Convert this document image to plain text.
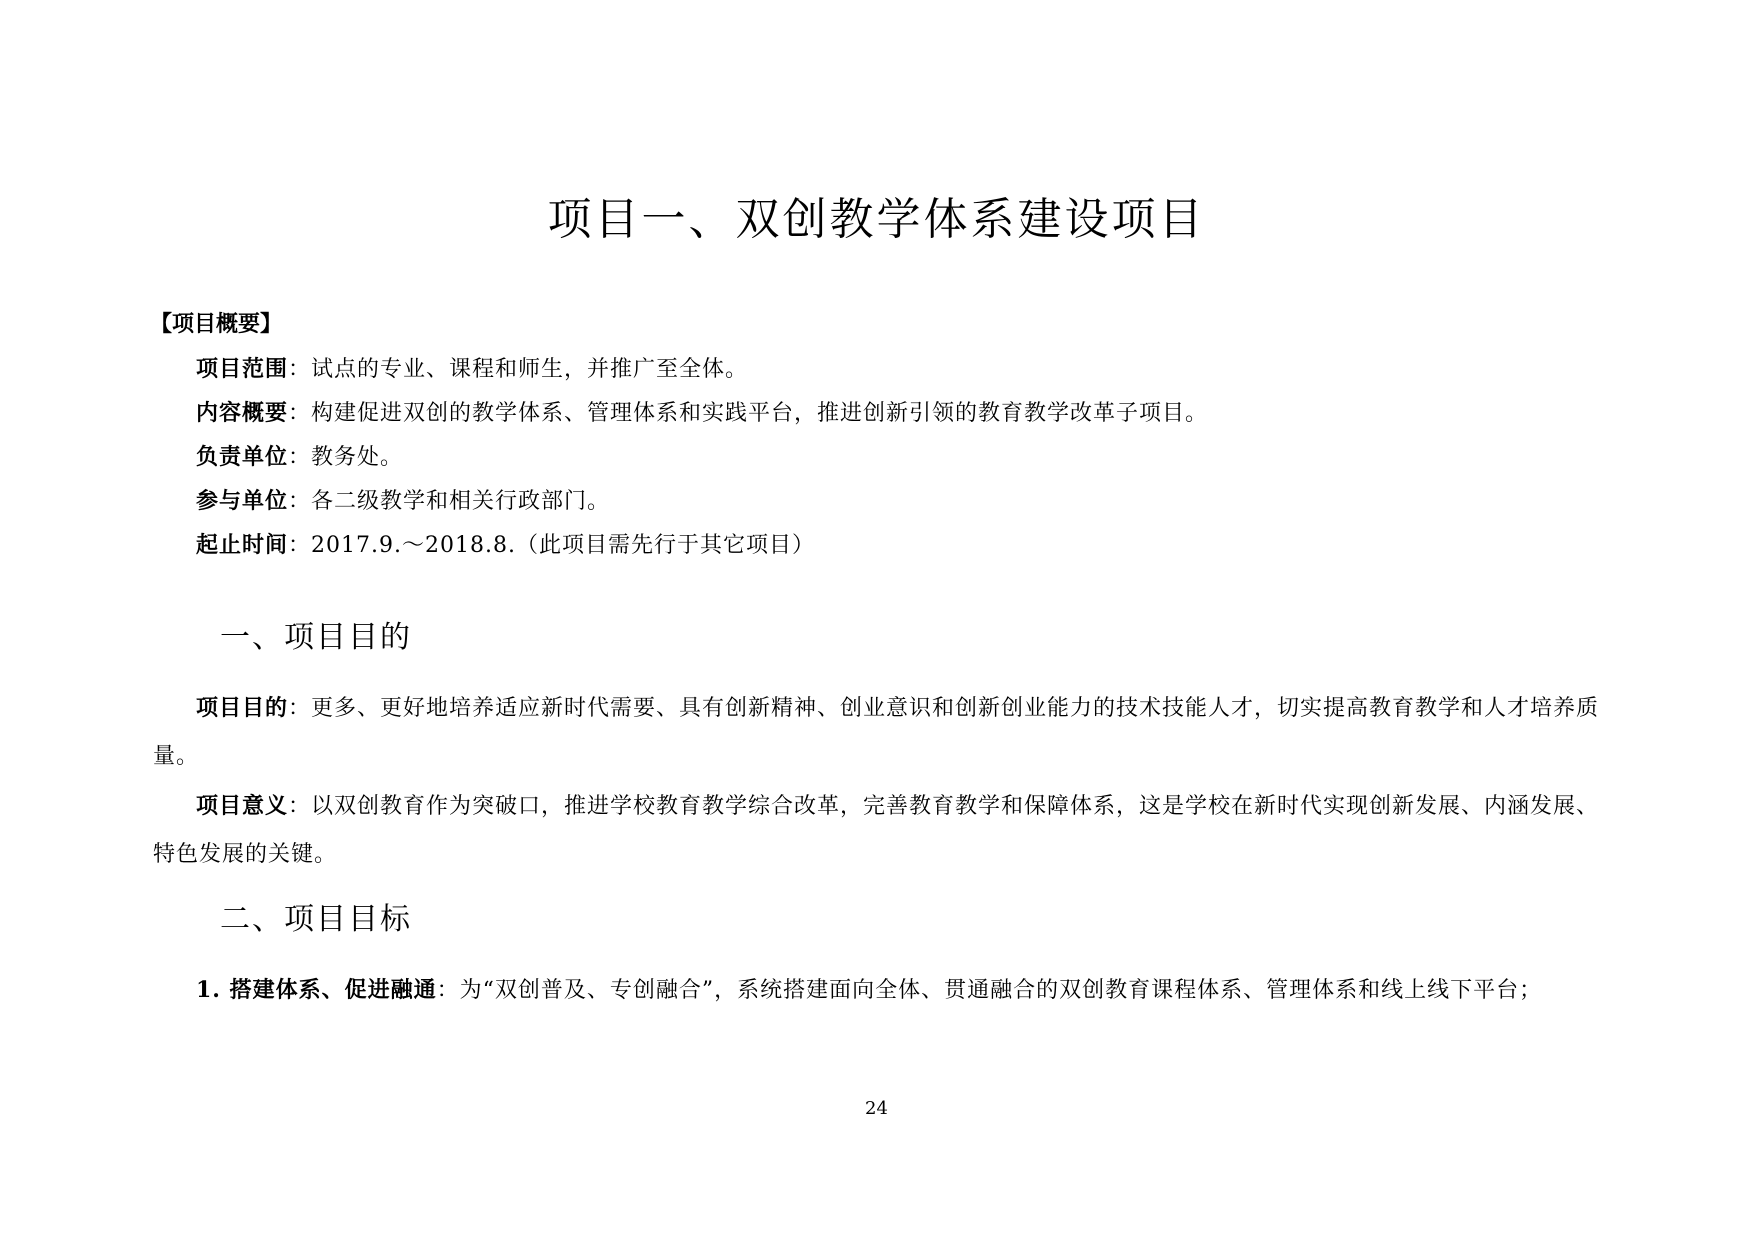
项目一、双创教学体系建设项目
【项目概要】
项目范围：试点的专业、课程和师生，并推广至全体。
内容概要：构建促进双创的教学体系、管理体系和实践平台，推进创新引领的教育教学改革子项目。
负责单位：教务处。
参与单位：各二级教学和相关行政部门。
起止时间：2017.9.～2018.8.（此项目需先行于其它项目）
一、项目目的
项目目的：更多、更好地培养适应新时代需要、具有创新精神、创业意识和创新创业能力的技术技能人才，切实提高教育教学和人才培养质量。
项目意义：以双创教育作为突破口，推进学校教育教学综合改革，完善教育教学和保障体系，这是学校在新时代实现创新发展、内涵发展、特色发展的关键。
二、项目目标
1. 搭建体系、促进融通：为“双创普及、专创融合”，系统搭建面向全体、贯通融合的双创教育课程体系、管理体系和线上线下平台；
24
